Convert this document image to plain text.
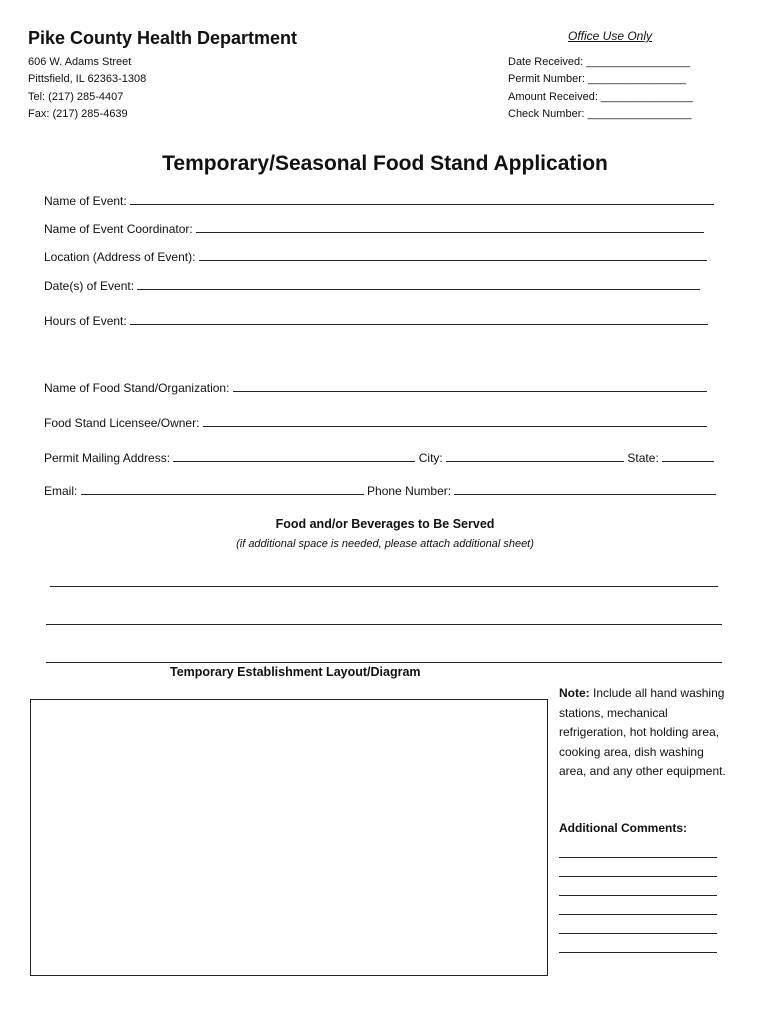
Pike County Health Department
606 W. Adams Street
Pittsfield, IL 62363-1308
Tel: (217) 285-4407
Fax: (217) 285-4639
Office Use Only
Date Received: _________________
Permit Number: ________________
Amount Received: _______________
Check Number: _________________
Temporary/Seasonal Food Stand Application
Name of Event:
Name of Event Coordinator:
Location (Address of Event):
Date(s) of Event:
Hours of Event:
Name of Food Stand/Organization:
Food Stand Licensee/Owner:
Permit Mailing Address:	City:	State:
Email:	Phone Number:
Food and/or Beverages to Be Served
(if additional space is needed, please attach additional sheet)
Temporary Establishment Layout/Diagram
Note: Include all hand washing stations, mechanical refrigeration, hot holding area, cooking area, dish washing area, and any other equipment.
Additional Comments:
